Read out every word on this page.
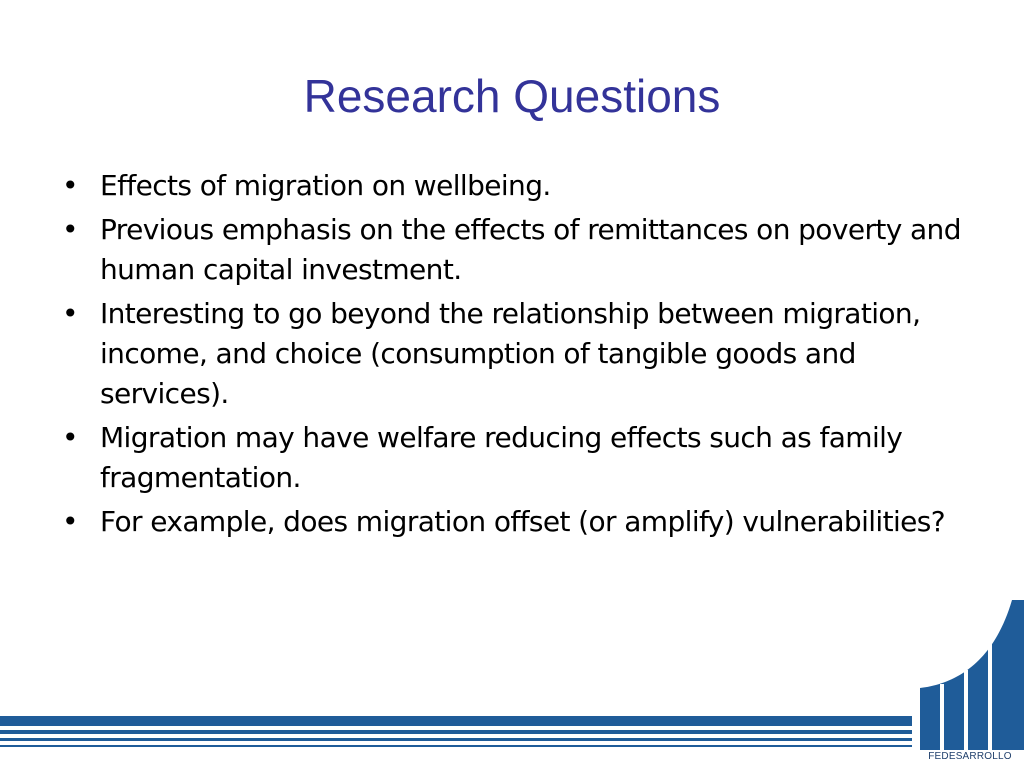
Research Questions
• Effects of migration on wellbeing.
• Previous emphasis on the effects of remittances on poverty and human capital investment.
• Interesting to go beyond the relationship between migration, income, and choice (consumption of tangible goods and services).
• Migration may have welfare reducing effects such as family fragmentation.
• For example, does migration offset (or amplify) vulnerabilities?
FEDESARROLLO
